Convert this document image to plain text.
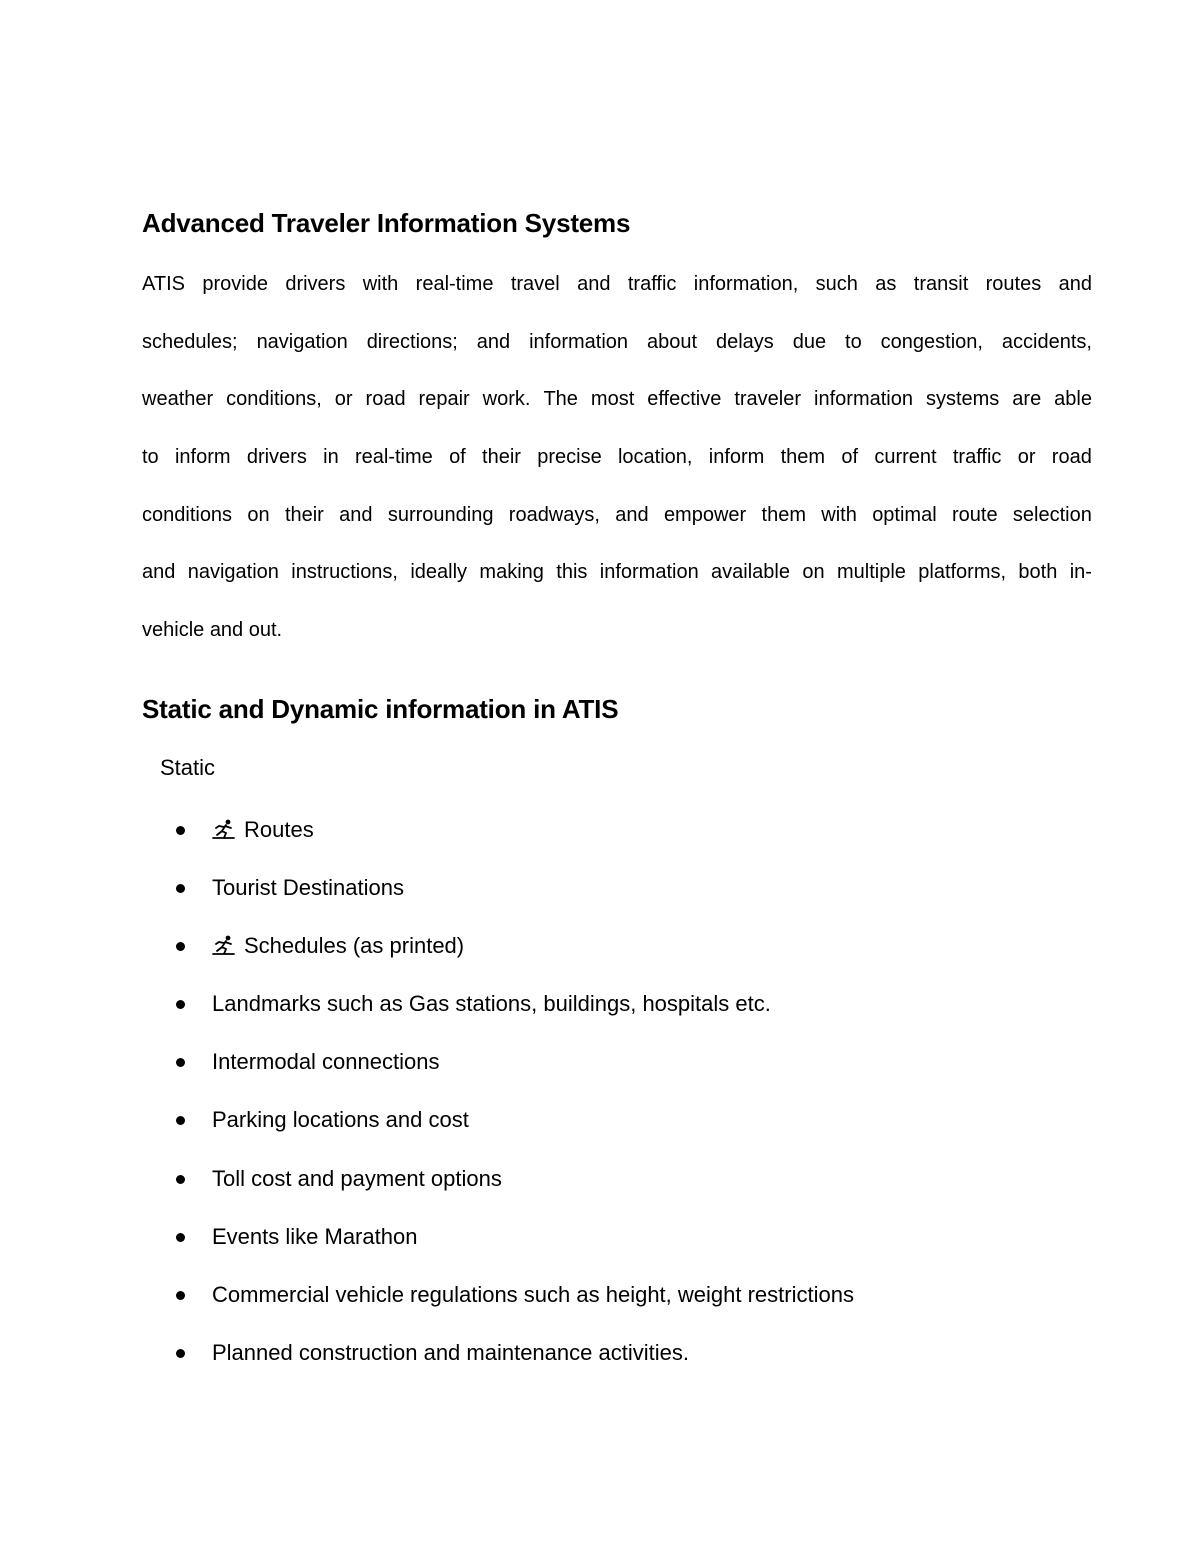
Advanced Traveler Information Systems
ATIS provide drivers with real-time travel and traffic information, such as transit routes and
schedules; navigation directions; and information about delays due to congestion, accidents,
weather conditions, or road repair work. The most effective traveler information systems are able
to inform drivers in real-time of their precise location, inform them of current traffic or road
conditions on their and surrounding roadways, and empower them with optimal route selection
and navigation instructions, ideally making this information available on multiple platforms, both in-
vehicle and out.
Static and Dynamic information in ATIS
Static
Routes
Tourist Destinations
Schedules (as printed)
Landmarks such as Gas stations, buildings, hospitals etc.
Intermodal connections
Parking locations and cost
Toll cost and payment options
Events like Marathon
Commercial vehicle regulations such as height, weight restrictions
Planned construction and maintenance activities.
